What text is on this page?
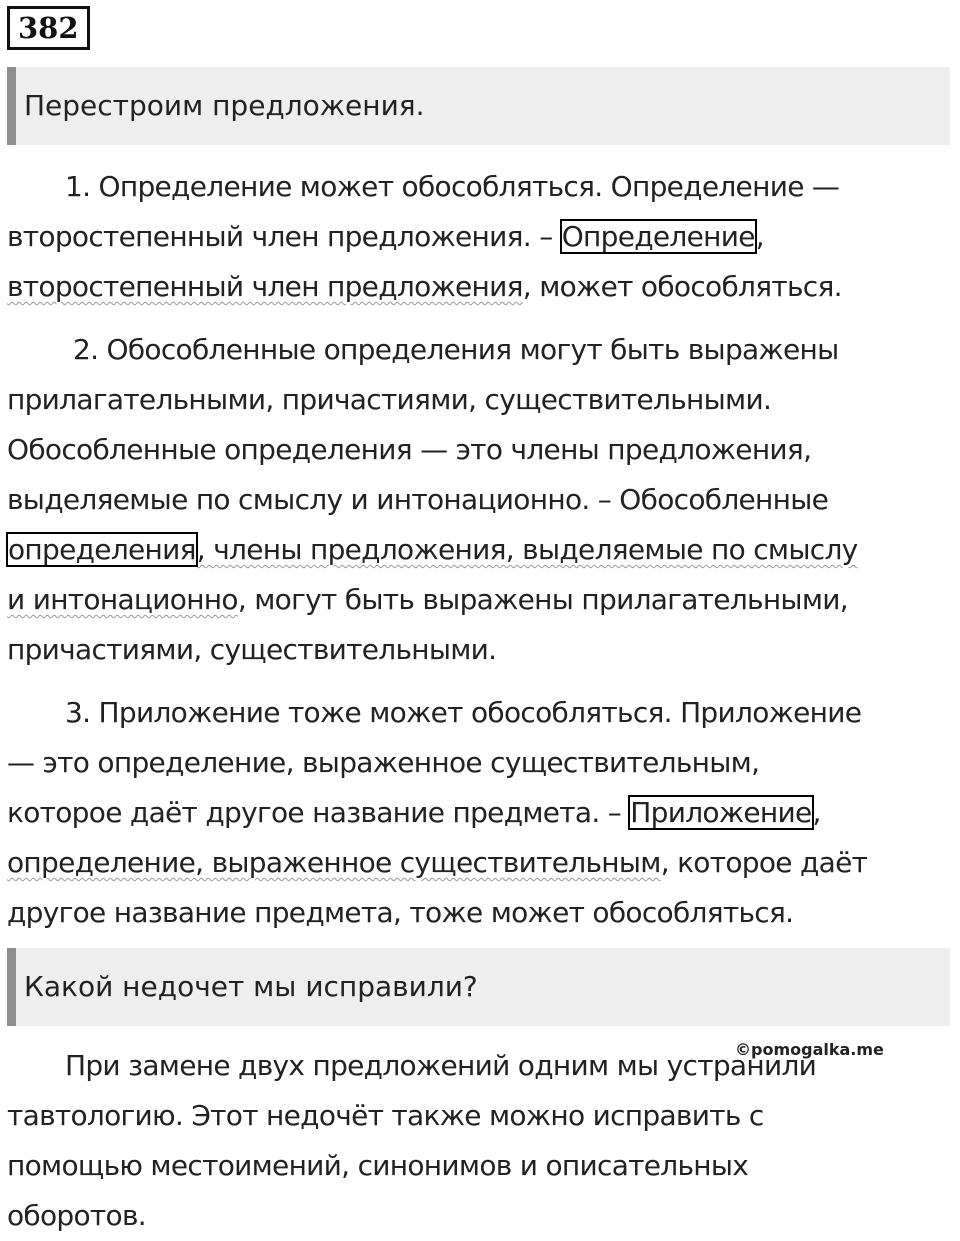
382
Перестроим предложения.
1. Определение может обособляться. Определение —
второстепенный член предложения. – Определение,
второстепенный член предложения, может обособляться.
2. Обособленные определения могут быть выражены
прилагательными, причастиями, существительными.
Обособленные определения — это члены предложения,
выделяемые по смыслу и интонационно. – Обособленные
определения, члены предложения, выделяемые по смыслу
и интонационно, могут быть выражены прилагательными,
причастиями, существительными.
3. Приложение тоже может обособляться. Приложение
— это определение, выраженное существительным,
которое даёт другое название предмета. – Приложение,
определение, выраженное существительным, которое даёт
другое название предмета, тоже может обособляться.
Какой недочет мы исправили?
При замене двух предложений одним мы устранили
тавтологию. Этот недочёт также можно исправить с
помощью местоимений, синонимов и описательных
оборотов.
©pomogalka.me
